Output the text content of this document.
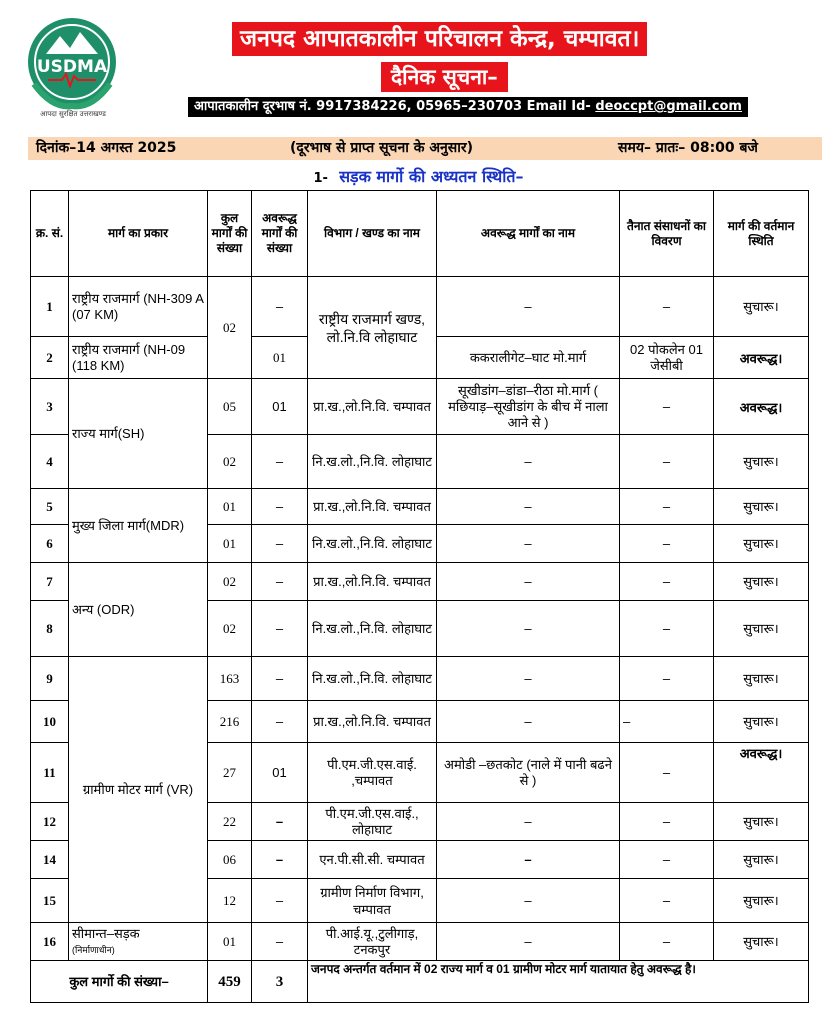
USDMA
आपदा सुरक्षित उत्तराखण्ड
जनपद आपातकालीन परिचालन केन्द्र, चम्पावत।
दैनिक सूचना–
आपातकालीन दूरभाष नं. 9917384226, 05965–230703 Email Id- deoccpt@gmail.com
दिनांक–14 अगस्त 2025	(दूरभाष से प्राप्त सूचना के अनुसार)	समय– प्रातः– 08:00 बजे
1- सड़क मार्गो की अध्यतन स्थिति–
क्र. सं.	मार्ग का प्रकार	कुल मार्गों की संख्या	अवरूद्ध मार्गों की संख्या	विभाग / खण्ड का नाम	अवरूद्ध मार्गों का नाम	तैनात संसाधनों का विवरण	मार्ग की वर्तमान स्थिति
1	राष्ट्रीय राजमार्ग (NH-309 A (07 KM)	02	–	राष्ट्रीय राजमार्ग खण्ड, लो.नि.वि लोहाघाट	–	–	सुचारू।
2	राष्ट्रीय राजमार्ग (NH-09 (118 KM)		01		ककरालीगेट–घाट मो.मार्ग	02 पोकलेन 01 जेसीबी	अवरूद्ध।
3	राज्य मार्ग(SH)	05	01	प्रा.ख.,लो.नि.वि. चम्पावत	सूखीडांग–डांडा–रीठा मो.मार्ग ( मछियाड़–सूखीडांग के बीच में नाला आने से )	–	अवरूद्ध।
4		02	–	नि.ख.लो.,नि.वि. लोहाघाट	–	–	सुचारू।
5	मुख्य जिला मार्ग(MDR)	01	–	प्रा.ख.,लो.नि.वि. चम्पावत	–	–	सुचारू।
6		01	–	नि.ख.लो.,नि.वि. लोहाघाट	–	–	सुचारू।
7	अन्य (ODR)	02	–	प्रा.ख.,लो.नि.वि. चम्पावत	–	–	सुचारू।
8		02	–	नि.ख.लो.,नि.वि. लोहाघाट	–	–	सुचारू।
9	ग्रामीण मोटर मार्ग (VR)	163	–	नि.ख.लो.,नि.वि. लोहाघाट	–	–	सुचारू।
10		216	–	प्रा.ख.,लो.नि.वि. चम्पावत	–	–	सुचारू।
11		27	01	पी.एम.जी.एस.वाई. ,चम्पावत	अमोडी –छतकोट (नाले में पानी बढने से )	–	अवरूद्ध।
12		22	–	पी.एम.जी.एस.वाई., लोहाघाट	–	–	सुचारू।
14		06	–	एन.पी.सी.सी. चम्पावत	–	–	सुचारू।
15		12	–	ग्रामीण निर्माण विभाग, चम्पावत	–	–	सुचारू।
16	सीमान्त–सड़क
(निर्माणाधीन)	01	–	पी.आई.यू.,टुलीगाड़, टनकपुर	–	–	सुचारू।
कुल मार्गो की संख्या–		459	3	जनपद अन्तर्गत वर्तमान में 02 राज्य मार्ग व 01 ग्रामीण मोटर मार्ग यातायात हेतु अवरूद्ध है।			
